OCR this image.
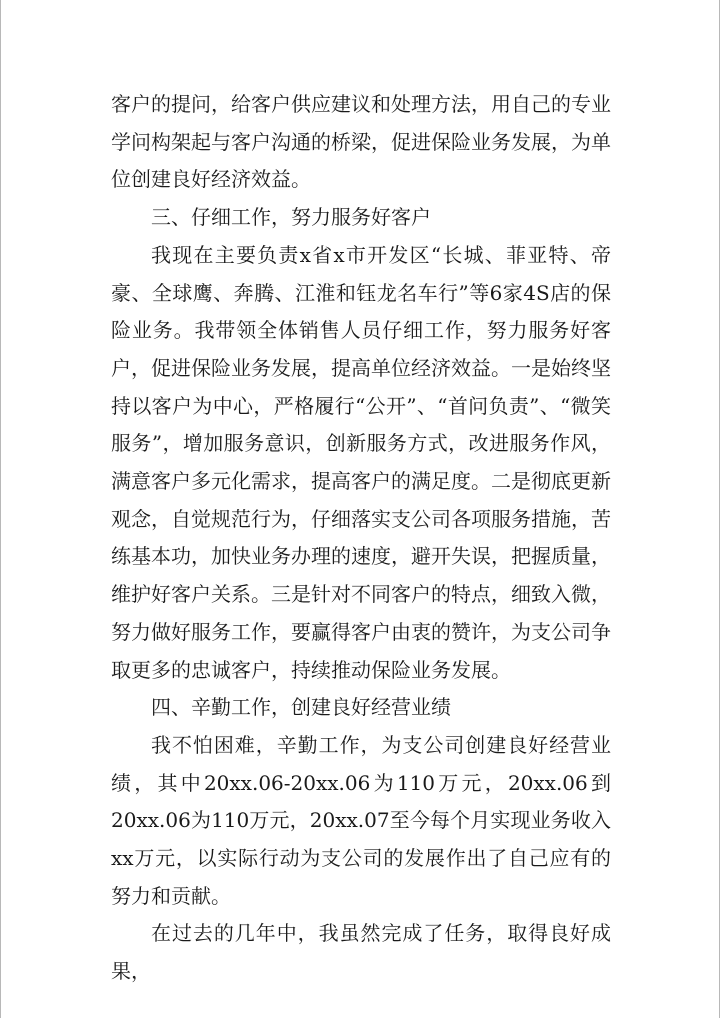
客户的提问，给客户供应建议和处理方法，用自己的专业学问构架起与客户沟通的桥梁，促进保险业务发展，为单位创建良好经济效益。

三、仔细工作，努力服务好客户

我现在主要负责x省x市开发区“长城、菲亚特、帝豪、全球鹰、奔腾、江淮和钰龙名车行”等6家4S店的保险业务。我带领全体销售人员仔细工作，努力服务好客户，促进保险业务发展，提高单位经济效益。一是始终坚持以客户为中心，严格履行“公开”、“首问负责”、“微笑服务”，增加服务意识，创新服务方式，改进服务作风，满意客户多元化需求，提高客户的满足度。二是彻底更新观念，自觉规范行为，仔细落实支公司各项服务措施，苦练基本功，加快业务办理的速度，避开失误，把握质量，维护好客户关系。三是针对不同客户的特点，细致入微，努力做好服务工作，要赢得客户由衷的赞许，为支公司争取更多的忠诚客户，持续推动保险业务发展。

四、辛勤工作，创建良好经营业绩

我不怕困难，辛勤工作，为支公司创建良好经营业绩，其中20xx.06-20xx.06为110万元，20xx.06到20xx.06为110万元，20xx.07至今每个月实现业务收入xx万元，以实际行动为支公司的发展作出了自己应有的努力和贡献。

在过去的几年中，我虽然完成了任务，取得良好成果，
